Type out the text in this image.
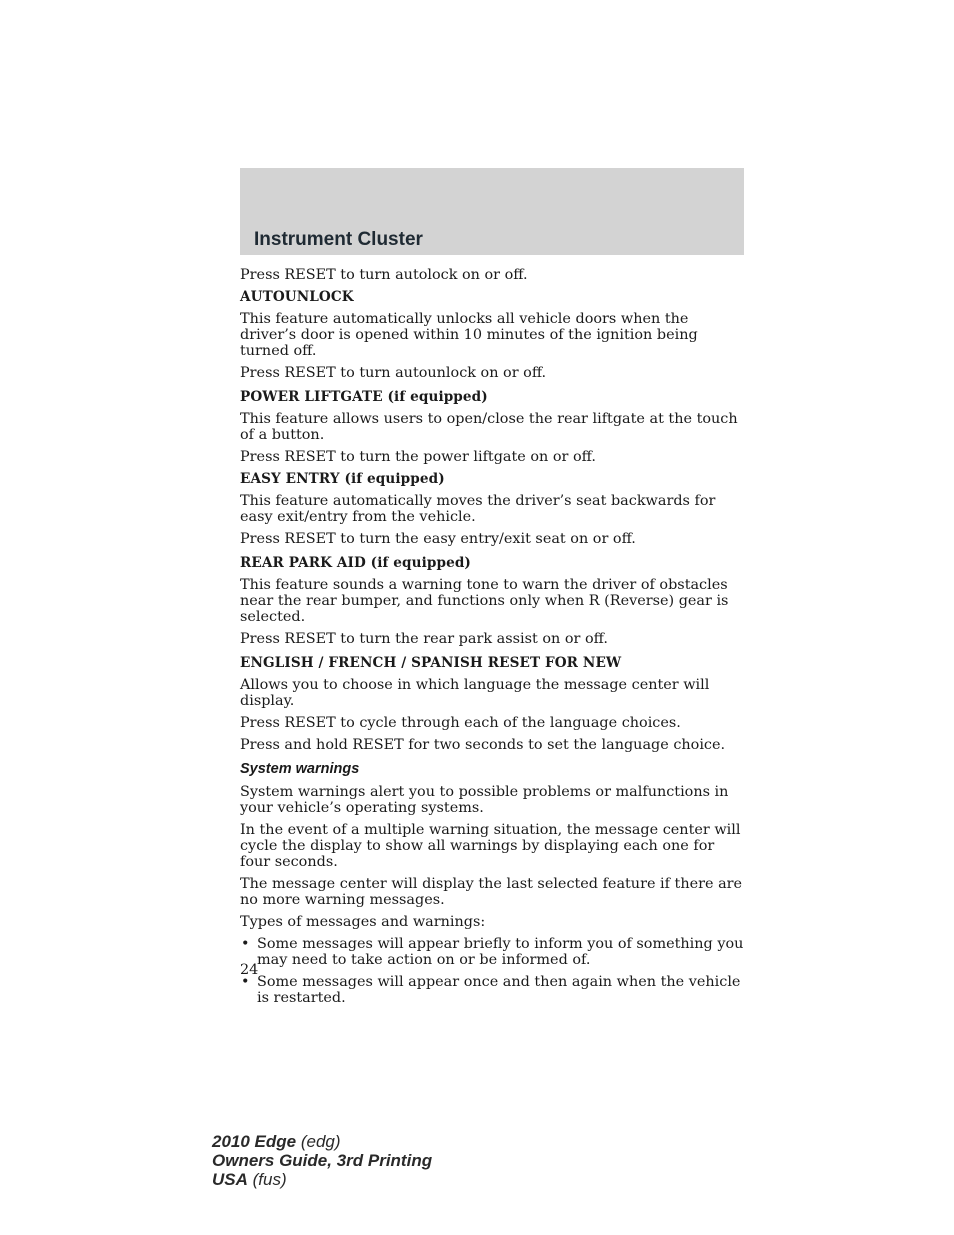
Instrument Cluster

Press RESET to turn autolock on or off.

AUTOUNLOCK

This feature automatically unlocks all vehicle doors when the driver’s door is opened within 10 minutes of the ignition being turned off.

Press RESET to turn autounlock on or off.

POWER LIFTGATE (if equipped)

This feature allows users to open/close the rear liftgate at the touch of a button.

Press RESET to turn the power liftgate on or off.

EASY ENTRY (if equipped)

This feature automatically moves the driver’s seat backwards for easy exit/entry from the vehicle.

Press RESET to turn the easy entry/exit seat on or off.

REAR PARK AID (if equipped)

This feature sounds a warning tone to warn the driver of obstacles near the rear bumper, and functions only when R (Reverse) gear is selected.

Press RESET to turn the rear park assist on or off.

ENGLISH / FRENCH / SPANISH RESET FOR NEW

Allows you to choose in which language the message center will display.

Press RESET to cycle through each of the language choices.

Press and hold RESET for two seconds to set the language choice.

System warnings

System warnings alert you to possible problems or malfunctions in your vehicle’s operating systems.

In the event of a multiple warning situation, the message center will cycle the display to show all warnings by displaying each one for four seconds.

The message center will display the last selected feature if there are no more warning messages.

Types of messages and warnings:

• Some messages will appear briefly to inform you of something you may need to take action on or be informed of.
• Some messages will appear once and then again when the vehicle is restarted.
24
2010 Edge (edg)
Owners Guide, 3rd Printing
USA (fus)
